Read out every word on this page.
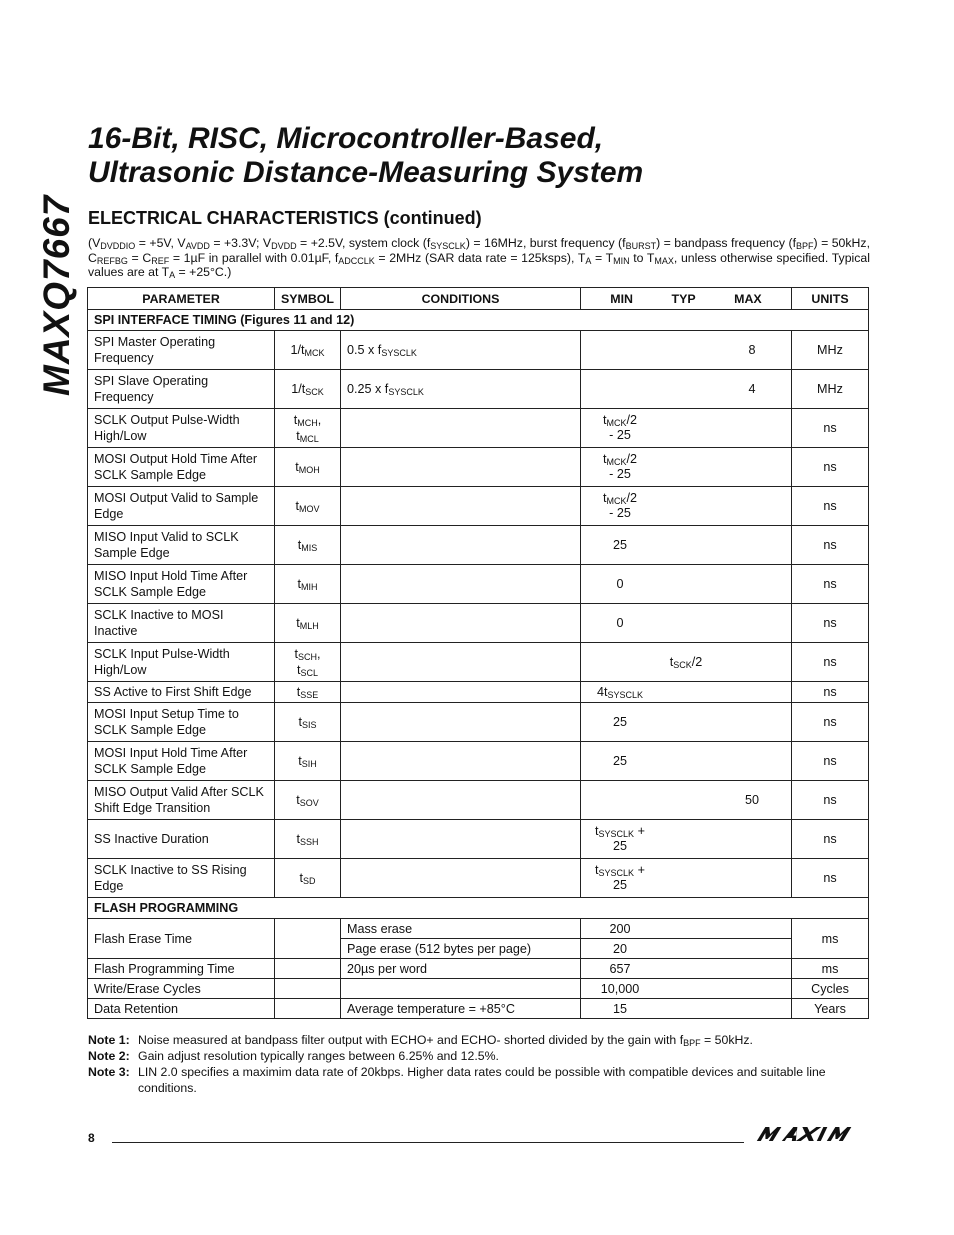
MAXQ7667
16-Bit, RISC, Microcontroller-Based,
Ultrasonic Distance-Measuring System
ELECTRICAL CHARACTERISTICS (continued)
($V_{DVDDIO} = +5V$, $V_{AVDD} = +3.3V$; $V_{DVDD} = +2.5V$, system clock $(f_{SYSCLK}) = 16MHz$, burst frequency $(f_{BURST})$ = bandpass frequency $(f_{BPF}) = 50kHz$, $C_{REFBG} = C_{REF} = 1\mu F$ in parallel with 0.01µF, $f_{ADCCLK} = 2MHz$ (SAR data rate = 125ksps), $T_A = T_{MIN}$ to $T_{MAX}$, unless otherwise specified. Typical values are at $T_A = +25^\circ C$.)
PARAMETER	SYMBOL	CONDITIONS	MIN TYP MAX	UNITS
SPI INTERFACE TIMING (Figures 11 and 12)				
SPI Master Operating Frequency	$1/t_{MCK}$	0.5 x $f_{SYSCLK}$	8	MHz
SPI Slave Operating Frequency	$1/t_{SCK}$	0.25 x $f_{SYSCLK}$	4	MHz
SCLK Output Pulse-Width High/Low	$t_{MCH}$,
$t_{MCL}$		$t_{MCK}/2$
- 25	ns
MOSI Output Hold Time After SCLK Sample Edge	$t_{MOH}$		$t_{MCK}/2$
- 25	ns
MOSI Output Valid to Sample Edge	$t_{MOV}$		$t_{MCK}/2$
- 25	ns
MISO Input Valid to SCLK Sample Edge	$t_{MIS}$		25	ns
MISO Input Hold Time After SCLK Sample Edge	$t_{MIH}$		0	ns
SCLK Inactive to MOSI Inactive	$t_{MLH}$		0	ns
SCLK Input Pulse-Width High/Low	$t_{SCH}$,
$t_{SCL}$		$t_{SCK}/2$	ns
SS Active to First Shift Edge	$t_{SSE}$		$4t_{SYSCLK}$	ns
MOSI Input Setup Time to SCLK Sample Edge	$t_{SIS}$		25	ns
MOSI Input Hold Time After SCLK Sample Edge	$t_{SIH}$		25	ns
MISO Output Valid After SCLK Shift Edge Transition	$t_{SOV}$		50	ns
SS Inactive Duration	$t_{SSH}$		$t_{SYSCLK}$ +
25	ns
SCLK Inactive to SS Rising Edge	$t_{SD}$		$t_{SYSCLK}$ +
25	ns
FLASH PROGRAMMING				
Flash Erase Time		Mass erase	200	ms
		Page erase (512 bytes per page)	20	

Flash Programming Time		20µs per word	657	ms
Write/Erase Cycles			10,000	Cycles
Data Retention		Average temperature = +85°C	15	Years
Note 1: Noise measured at bandpass filter output with ECHO+ and ECHO- shorted divided by the gain with $f_{BPF} = 50kHz$.
Note 2: Gain adjust resolution typically ranges between 6.25% and 12.5%.
Note 3: LIN 2.0 specifies a maximim data rate of 20kbps. Higher data rates could be possible with compatible devices and suitable line conditions.
8
